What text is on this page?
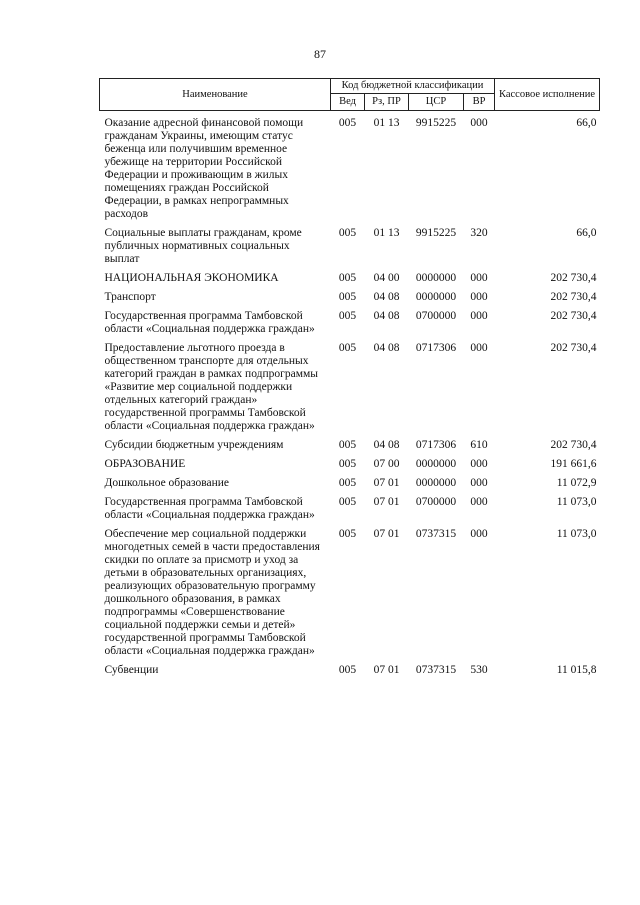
87
Наименование	Код бюджетной классификации				Кассовое исполнение
	Вед	Рз, ПР	ЦСР	ВР	
Оказание адресной финансовой помощи гражданам Украины, имеющим статус беженца или получившим временное убежище на территории Российской Федерации и проживающим в жилых помещениях граждан Российской Федерации, в рамках непрограммных расходов	005	01 13	9915225	000	66,0
Социальные выплаты гражданам, кроме публичных нормативных социальных выплат	005	01 13	9915225	320	66,0
НАЦИОНАЛЬНАЯ ЭКОНОМИКА	005	04 00	0000000	000	202 730,4
Транспорт	005	04 08	0000000	000	202 730,4
Государственная программа Тамбовской области «Социальная поддержка граждан»	005	04 08	0700000	000	202 730,4
Предоставление льготного проезда в общественном транспорте для отдельных категорий граждан в рамках подпрограммы «Развитие мер социальной поддержки отдельных категорий граждан» государственной программы Тамбовской области «Социальная поддержка граждан»	005	04 08	0717306	000	202 730,4
Субсидии бюджетным учреждениям	005	04 08	0717306	610	202 730,4
ОБРАЗОВАНИЕ	005	07 00	0000000	000	191 661,6
Дошкольное образование	005	07 01	0000000	000	11 072,9
Государственная программа Тамбовской области «Социальная поддержка граждан»	005	07 01	0700000	000	11 073,0
Обеспечение мер социальной поддержки многодетных семей в части предоставления скидки по оплате за присмотр и уход за детьми в образовательных организациях, реализующих образовательную программу дошкольного образования, в рамках подпрограммы «Совершенствование социальной поддержки семьи и детей» государственной программы Тамбовской области «Социальная поддержка граждан»	005	07 01	0737315	000	11 073,0
Субвенции	005	07 01	0737315	530	11 015,8
